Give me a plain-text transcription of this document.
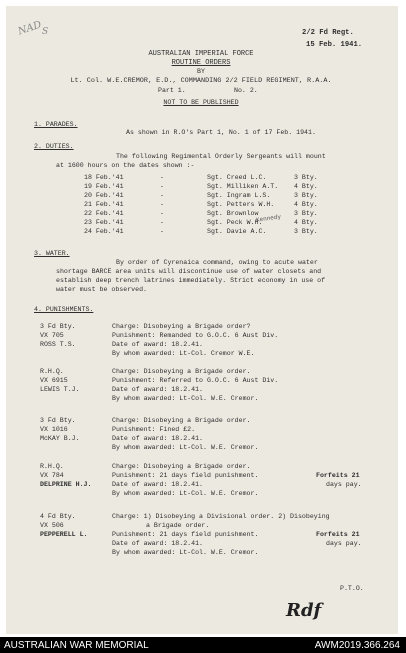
NAD S	2/2 Fd Regt.
15 Feb. 1941.
AUSTRALIAN IMPERIAL FORCE
ROUTINE ORDERS
BY
Lt. Col. W.E.CREMOR, E.D., COMMANDING 2/2 FIELD REGIMENT, R.A.A.
Part 1.	No. 2.
NOT TO BE PUBLISHED
1. PARADES.
As shown in R.O's Part 1, No. 1 of 17 Feb. 1941.
2. DUTIES.
The following Regimental Orderly Sergeants will mount
at 1600 hours on the dates shown :-
18 Feb.'41	-	Sgt. Creed L.C.	3 Bty.
19 Feb.'41	-	Sgt. Milliken A.T. 4 Bty.
20 Feb.'41	-	Sgt. Ingram L.S.	3 Bty.
21 Feb.'41	-	Sgt. Petters W.H.	4 Bty.
22 Feb.'41	-	Sgt. Brownlow	3 Bty.
23 Feb.'41	-	Sgt. Peck W.H.	4 Bty.
24 Feb.'41	-	Sgt. Davie A.C.	3 Bty.
Kennedy
3. WATER.
By order of Cyrenaica command, owing to acute water
shortage BARCE area units will discontinue use of water closets and
establish deep trench latrines immediately. Strict economy in use of
water must be observed.
4. PUNISHMENTS.
3 Fd Bty.
VX 705
ROSS T.S.
Charge: Disobeying a Brigade order?
Punishment: Remanded to G.O.C. 6 Aust Div.
Date of award: 18.2.41.
By whom awarded: Lt-Col. Cremor W.E.
R.H.Q.
VX 6915
LEWIS T.J.
Charge: Disobeying a Brigade order.
Punishment: Referred to G.O.C. 6 Aust Div.
Date of award: 18.2.41.
By whom awarded: Lt-Col. W.E. Cremor.
3 Fd Bty.
VX 1016
McKAY B.J.
Charge: Disobeying a Brigade order.
Punishment: Fined £2.
Date of award: 18.2.41.
By whom awarded: Lt-Col. W.E. Cremor.
R.H.Q.
VX 784
DELPRINE H.J.
Charge: Disobeying a Brigade order.
Punishment: 21 days field punishment.
Date of award: 18.2.41.
By whom awarded: Lt-Col. W.E. Cremor.
Forfeits 21
days pay.
4 Fd Bty.
VX 506
PEPPERELL L.
Charge: 1) Disobeying a Divisional order. 2) Disobeying
a Brigade order.
Punishment: 21 days field punishment.
Date of award: 18.2.41.
By whom awarded: Lt-Col. W.E. Cremor.
Forfeits 21
days pay.
P.T.O.
Rdf
AUSTRALIAN WAR MEMORIAL	AWM2019.366.264
